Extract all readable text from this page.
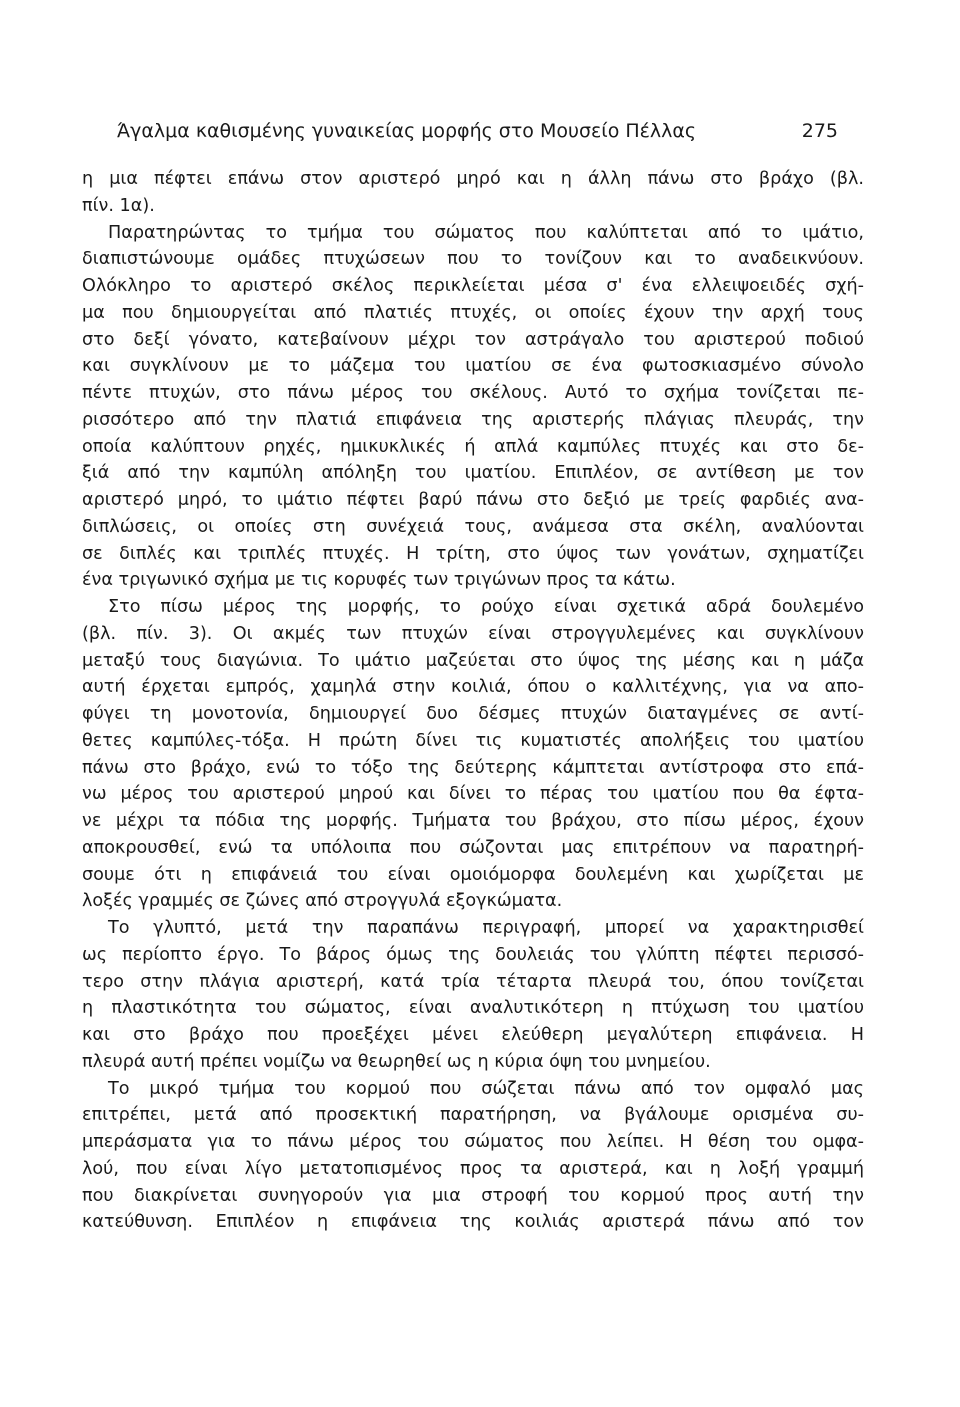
Άγαλμα καθισμένης γυναικείας μορφής στο Μουσείο Πέλλας	275
η μια πέφτει επάνω στον αριστερό μηρό και η άλλη πάνω στο βράχο (βλ.
πίν. 1α).
Παρατηρώντας το τμήμα του σώματος που καλύπτεται από το ιμάτιο,
διαπιστώνουμε ομάδες πτυχώσεων που το τονίζουν και το αναδεικνύουν.
Ολόκληρο το αριστερό σκέλος περικλείεται μέσα σ' ένα ελλειψοειδές σχή-
μα που δημιουργείται από πλατιές πτυχές, οι οποίες έχουν την αρχή τους
στο δεξί γόνατο, κατεβαίνουν μέχρι τον αστράγαλο του αριστερού ποδιού
και συγκλίνουν με το μάζεμα του ιματίου σε ένα φωτοσκιασμένο σύνολο
πέντε πτυχών, στο πάνω μέρος του σκέλους. Αυτό το σχήμα τονίζεται πε-
ρισσότερο από την πλατιά επιφάνεια της αριστερής πλάγιας πλευράς, την
οποία καλύπτουν ρηχές, ημικυκλικές ή απλά καμπύλες πτυχές και στο δε-
ξιά από την καμπύλη απόληξη του ιματίου. Επιπλέον, σε αντίθεση με τον
αριστερό μηρό, το ιμάτιο πέφτει βαρύ πάνω στο δεξιό με τρείς φαρδιές ανα-
διπλώσεις, οι οποίες στη συνέχειά τους, ανάμεσα στα σκέλη, αναλύονται
σε διπλές και τριπλές πτυχές. Η τρίτη, στο ύψος των γονάτων, σχηματίζει
ένα τριγωνικό σχήμα με τις κορυφές των τριγώνων προς τα κάτω.
Στο πίσω μέρος της μορφής, το ρούχο είναι σχετικά αδρά δουλεμένο
(βλ. πίν. 3). Οι ακμές των πτυχών είναι στρογγυλεμένες και συγκλίνουν
μεταξύ τους διαγώνια. Το ιμάτιο μαζεύεται στο ύψος της μέσης και η μάζα
αυτή έρχεται εμπρός, χαμηλά στην κοιλιά, όπου ο καλλιτέχνης, για να απο-
φύγει τη μονοτονία, δημιουργεί δυο δέσμες πτυχών διαταγμένες σε αντί-
θετες καμπύλες-τόξα. Η πρώτη δίνει τις κυματιστές απολήξεις του ιματίου
πάνω στο βράχο, ενώ το τόξο της δεύτερης κάμπτεται αντίστροφα στο επά-
νω μέρος του αριστερού μηρού και δίνει το πέρας του ιματίου που θα έφτα-
νε μέχρι τα πόδια της μορφής. Τμήματα του βράχου, στο πίσω μέρος, έχουν
αποκρουσθεί, ενώ τα υπόλοιπα που σώζονται μας επιτρέπουν να παρατηρή-
σουμε ότι η επιφάνειά του είναι ομοιόμορφα δουλεμένη και χωρίζεται με
λοξές γραμμές σε ζώνες από στρογγυλά εξογκώματα.
Το γλυπτό, μετά την παραπάνω περιγραφή, μπορεί να χαρακτηρισθεί
ως περίοπτο έργο. Το βάρος όμως της δουλειάς του γλύπτη πέφτει περισσό-
τερο στην πλάγια αριστερή, κατά τρία τέταρτα πλευρά του, όπου τονίζεται
η πλαστικότητα του σώματος, είναι αναλυτικότερη η πτύχωση του ιματίου
και στο βράχο που προεξέχει μένει ελεύθερη μεγαλύτερη επιφάνεια. Η
πλευρά αυτή πρέπει νομίζω να θεωρηθεί ως η κύρια όψη του μνημείου.
Το μικρό τμήμα του κορμού που σώζεται πάνω από τον ομφαλό μας
επιτρέπει, μετά από προσεκτική παρατήρηση, να βγάλουμε ορισμένα συ-
μπεράσματα για το πάνω μέρος του σώματος που λείπει. Η θέση του ομφα-
λού, που είναι λίγο μετατοπισμένος προς τα αριστερά, και η λοξή γραμμή
που διακρίνεται συνηγορούν για μια στροφή του κορμού προς αυτή την
κατεύθυνση. Επιπλέον η επιφάνεια της κοιλιάς αριστερά πάνω από τον
